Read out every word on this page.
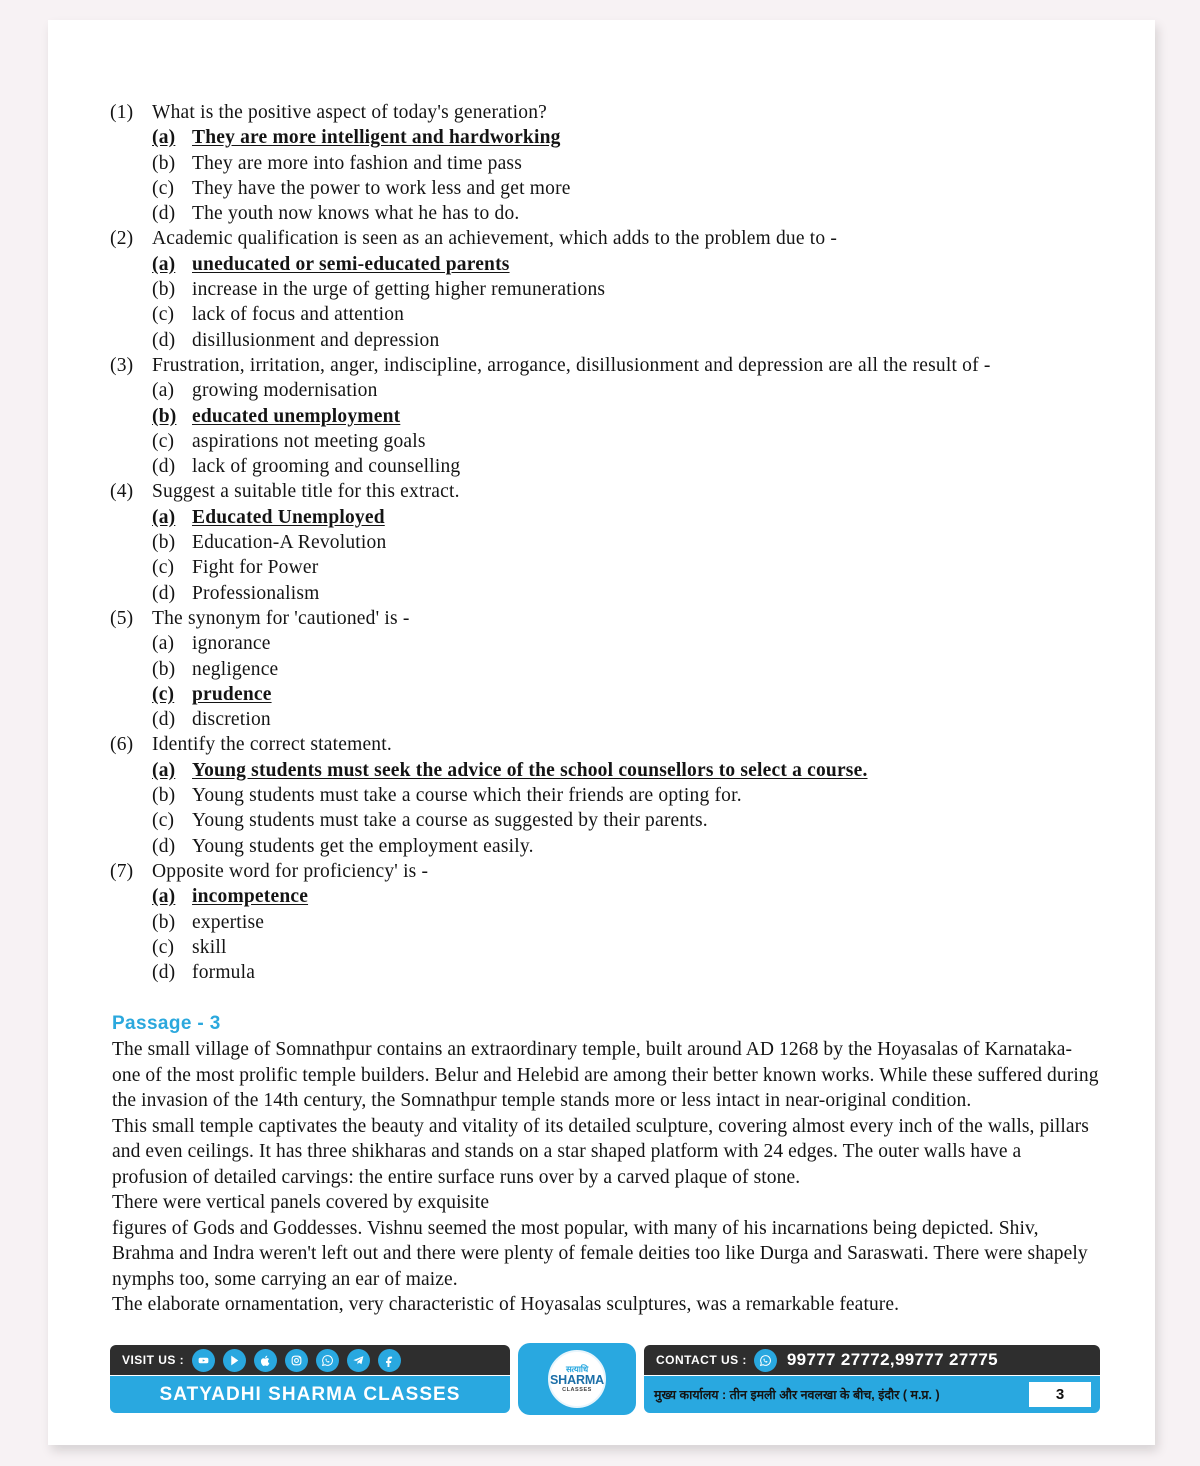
(1) What is the positive aspect of today's generation?
(a) They are more intelligent and hardworking
(b) They are more into fashion and time pass
(c) They have the power to work less and get more
(d) The youth now knows what he has to do.
(2) Academic qualification is seen as an achievement, which adds to the problem due to -
(a) uneducated or semi-educated parents
(b) increase in the urge of getting higher remunerations
(c) lack of focus and attention
(d) disillusionment and depression
(3) Frustration, irritation, anger, indiscipline, arrogance, disillusionment and depression are all the result of -
(a) growing modernisation
(b) educated unemployment
(c) aspirations not meeting goals
(d) lack of grooming and counselling
(4) Suggest a suitable title for this extract.
(a) Educated Unemployed
(b) Education-A Revolution
(c) Fight for Power
(d) Professionalism
(5) The synonym for 'cautioned' is -
(a) ignorance
(b) negligence
(c) prudence
(d) discretion
(6) Identify the correct statement.
(a) Young students must seek the advice of the school counsellors to select a course.
(b) Young students must take a course which their friends are opting for.
(c) Young students must take a course as suggested by their parents.
(d) Young students get the employment easily.
(7) Opposite word for proficiency' is -
(a) incompetence
(b) expertise
(c) skill
(d) formula
Passage - 3

The small village of Somnathpur contains an extraordinary temple, built around AD 1268 by the Hoyasalas of Karnataka- one of the most prolific temple builders. Belur and Helebid are among their better known works. While these suffered during the invasion of the 14th century, the Somnathpur temple stands more or less intact in near-original condition.

This small temple captivates the beauty and vitality of its detailed sculpture, covering almost every inch of the walls, pillars and even ceilings. It has three shikharas and stands on a star shaped platform with 24 edges. The outer walls have a profusion of detailed carvings: the entire surface runs over by a carved plaque of stone.

There were vertical panels covered by exquisite

figures of Gods and Goddesses. Vishnu seemed the most popular, with many of his incarnations being depicted. Shiv, Brahma and Indra weren't left out and there were plenty of female deities too like Durga and Saraswati. There were shapely nymphs too, some carrying an ear of maize.

The elaborate ornamentation, very characteristic of Hoyasalas sculptures, was a remarkable feature.

VISIT US :
SATYADHI SHARMA CLASSES
सत्याधि
SHARMA
CLASSES
CONTACT US : 99777 27772,99777 27775
मुख्य कार्यालय : तीन इमली और नवलखा के बीच, इंदौर ( म.प्र. )	3
